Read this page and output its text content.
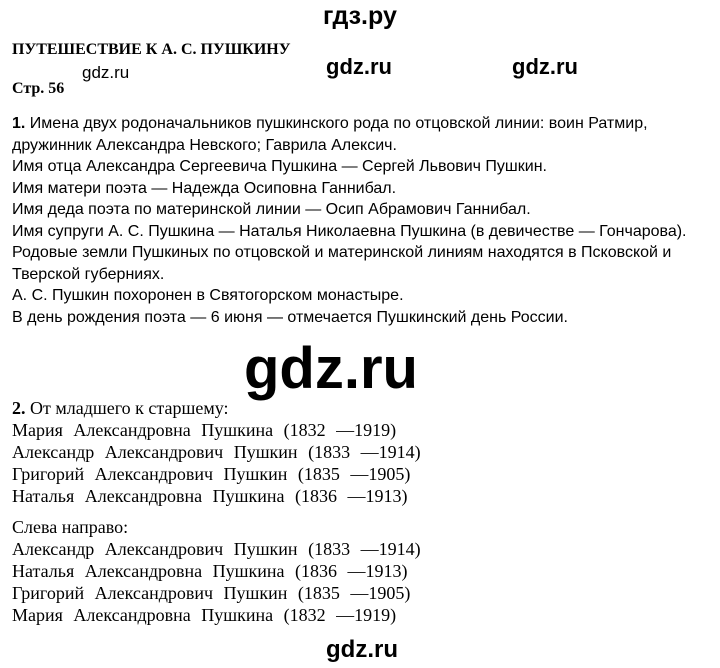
гдз.ру
gdz.ru	gdz.ru	gdz.ru
ПУТЕШЕСТВИЕ К А. С. ПУШКИНУ
Стр. 56

1. Имена двух родоначальников пушкинского рода по отцовской линии: воин Ратмир, дружинник Александра Невского; Гаврила Алексич.

Имя отца Александра Сергеевича Пушкина — Сергей Львович Пушкин.

Имя матери поэта — Надежда Осиповна Ганнибал.

Имя деда поэта по материнской линии — Осип Абрамович Ганнибал.

Имя супруги А. С. Пушкина — Наталья Николаевна Пушкина (в девичестве — Гончарова).

Родовые земли Пушкиных по отцовской и материнской линиям находятся в Псковской и Тверской губерниях.

А. С. Пушкин похоронен в Святогорском монастыре.

В день рождения поэта — 6 июня — отмечается Пушкинский день России.

gdz.ru

2. От младшего к старшему:

Мария Александровна Пушкина (1832 —1919)

Александр Александрович Пушкин (1833 —1914)

Григорий Александрович Пушкин (1835 —1905)

Наталья Александровна Пушкина (1836 —1913)

Слева направо:

Александр Александрович Пушкин (1833 —1914)

Наталья Александровна Пушкина (1836 —1913)

Григорий Александрович Пушкин (1835 —1905)

Мария Александровна Пушкина (1832 —1919)

gdz.ru
